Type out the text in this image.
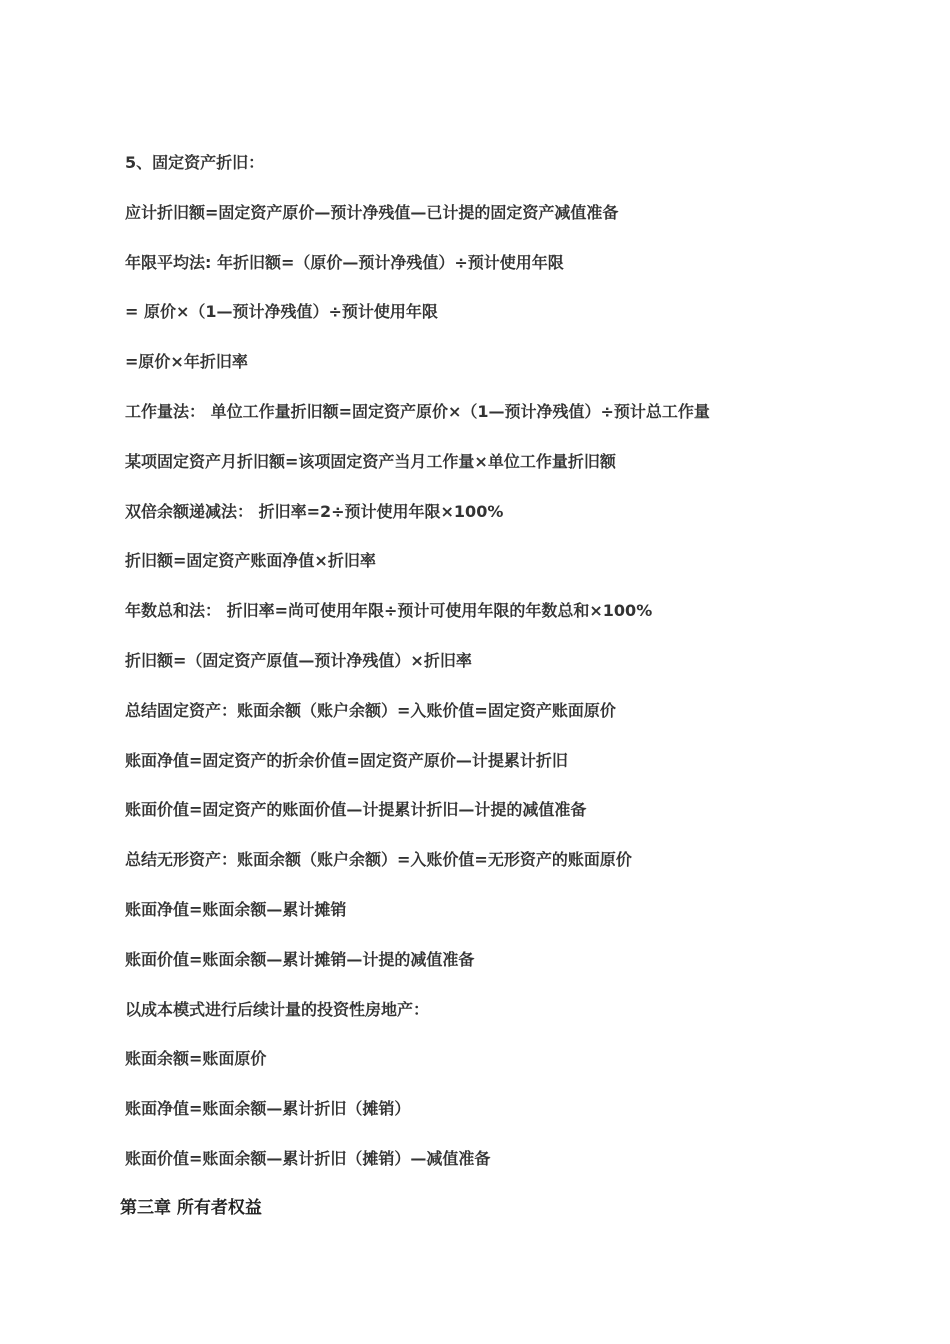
5、固定资产折旧：
应计折旧额=固定资产原价—预计净残值—已计提的固定资产减值准备
年限平均法: 年折旧额=（原价—预计净残值）÷预计使用年限
= 原价×（1—预计净残值）÷预计使用年限
=原价×年折旧率
工作量法： 单位工作量折旧额=固定资产原价×（1—预计净残值）÷预计总工作量
某项固定资产月折旧额=该项固定资产当月工作量×单位工作量折旧额
双倍余额递减法： 折旧率=2÷预计使用年限×100%
折旧额=固定资产账面净值×折旧率
年数总和法： 折旧率=尚可使用年限÷预计可使用年限的年数总和×100%
折旧额=（固定资产原值—预计净残值）×折旧率
总结固定资产：账面余额（账户余额）=入账价值=固定资产账面原价
账面净值=固定资产的折余价值=固定资产原价—计提累计折旧
账面价值=固定资产的账面价值—计提累计折旧—计提的减值准备
总结无形资产：账面余额（账户余额）=入账价值=无形资产的账面原价
账面净值=账面余额—累计摊销
账面价值=账面余额—累计摊销—计提的减值准备
以成本模式进行后续计量的投资性房地产：
账面余额=账面原价
账面净值=账面余额—累计折旧（摊销）
账面价值=账面余额—累计折旧（摊销）—减值准备
第三章 所有者权益
